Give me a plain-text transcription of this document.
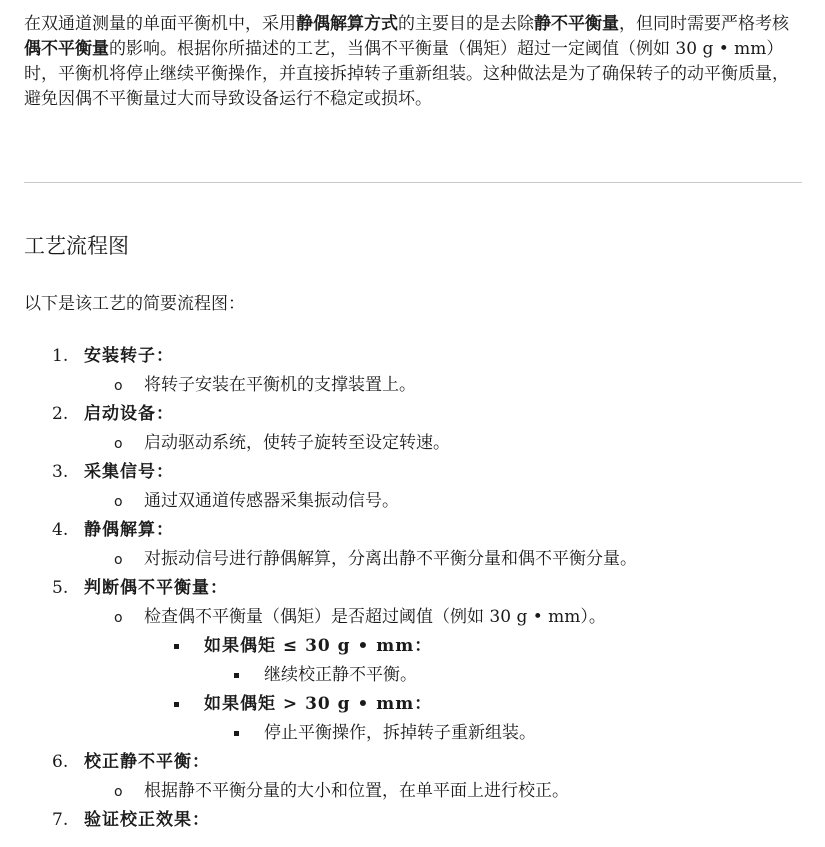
在双通道测量的单面平衡机中，采用静偶解算方式的主要目的是去除静不平衡量，但同时需要严格考核偶不平衡量的影响。根据你所描述的工艺，当偶不平衡量（偶矩）超过一定阈值（例如 30 g • mm）时，平衡机将停止继续平衡操作，并直接拆掉转子重新组装。这种做法是为了确保转子的动平衡质量，避免因偶不平衡量过大而导致设备运行不稳定或损坏。

工艺流程图

以下是该工艺的简要流程图：

1. 安装转子：
o 将转子安装在平衡机的支撑装置上。
2. 启动设备：
o 启动驱动系统，使转子旋转至设定转速。
3. 采集信号：
o 通过双通道传感器采集振动信号。
4. 静偶解算：
o 对振动信号进行静偶解算，分离出静不平衡分量和偶不平衡分量。
5. 判断偶不平衡量：
o 检查偶不平衡量（偶矩）是否超过阈值（例如 30 g • mm）。
如果偶矩 ≤ 30 g • mm：
继续校正静不平衡。
如果偶矩 > 30 g • mm：
停止平衡操作，拆掉转子重新组装。
6. 校正静不平衡：
o 根据静不平衡分量的大小和位置，在单平面上进行校正。
7. 验证校正效果：
